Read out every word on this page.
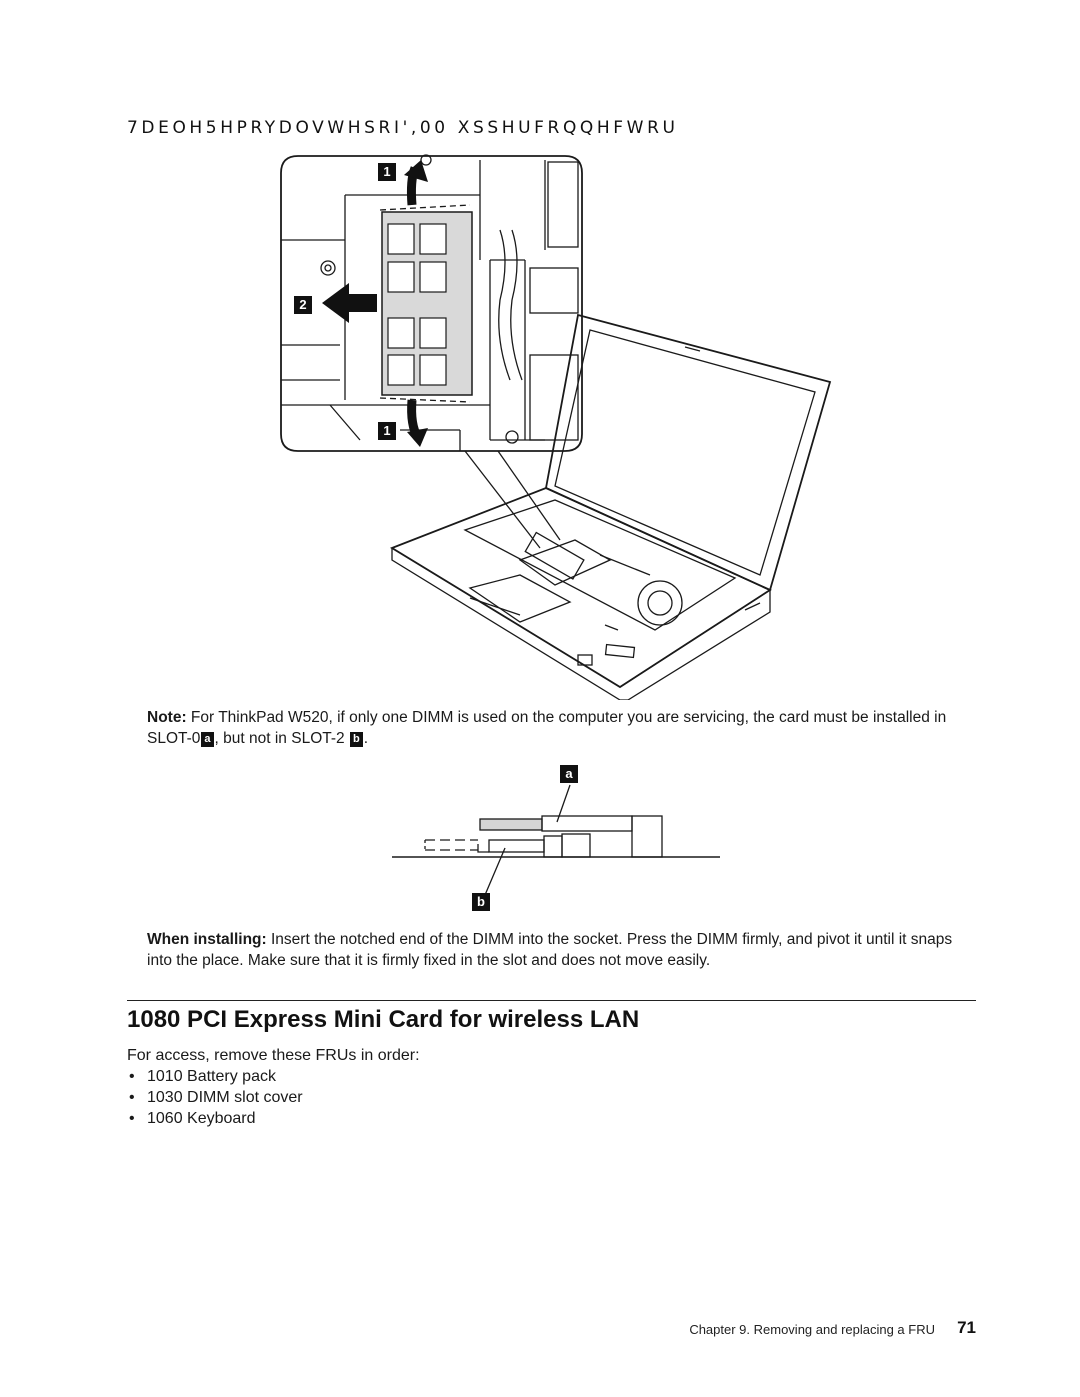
7DEOH5HPRYDOVWHSRI',00 XSSHUFRQQHFWRU
1
2
1
Note: For ThinkPad W520, if only one DIMM is used on the computer you are servicing, the card must be installed in
SLOT-0 a , but not in SLOT-2 b .
a
b
When installing: Insert the notched end of the DIMM into the socket. Press the DIMM firmly, and pivot it until it snaps into the place. Make sure that it is firmly fixed in the slot and does not move easily.
1080 PCI Express Mini Card for wireless LAN
For access, remove these FRUs in order:
• 1010 Battery pack
• 1030 DIMM slot cover
• 1060 Keyboard
Chapter 9. Removing and replacing a FRU 71
